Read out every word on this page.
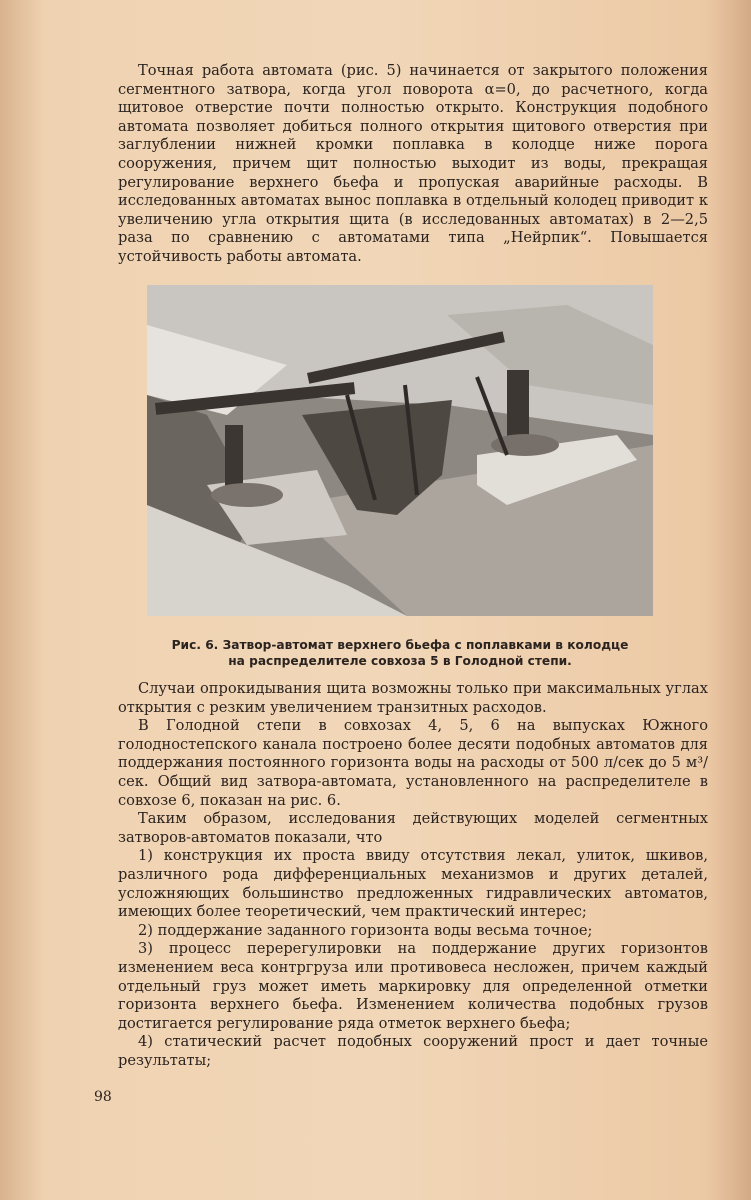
Точная работа автомата (рис. 5) начинается от закрытого положения сегментного затвора, когда угол поворота α=0, до расчетного, когда щитовое отверстие почти полностью открыто. Конструкция подобного автомата позволяет добиться полного открытия щитового отверстия при заглублении нижней кромки поплавка в колодце ниже порога сооружения, причем щит полностью выходит из воды, прекращая регулирование верхнего бьефа и пропуская аварийные расходы. В исследованных автоматах вынос поплавка в отдельный колодец приводит к увеличению угла открытия щита (в исследованных автоматах) в 2—2,5 раза по сравнению с автоматами типа „Нейрпик“. Повышается устойчивость работы автомата.

Рис. 6. Затвор-автомат верхнего бьефа с поплавками в колодце
на распределителе совхоза 5 в Голодной степи.

Случаи опрокидывания щита возможны только при максимальных углах открытия с резким увеличением транзитных расходов.

В Голодной степи в совхозах 4, 5, 6 на выпусках Южного голодностепского канала построено более десяти подобных автоматов для поддержания постоянного горизонта воды на расходы от 500 л/сек до 5 м³/сек. Общий вид затвора-автомата, установленного на распределителе в совхозе 6, показан на рис. 6.

Таким образом, исследования действующих моделей сегментных затворов-автоматов показали, что

1) конструкция их проста ввиду отсутствия лекал, улиток, шкивов, различного рода дифференциальных механизмов и других деталей, усложняющих большинство предложенных гидравлических автоматов, имеющих более теоретический, чем практический интерес;

2) поддержание заданного горизонта воды весьма точное;

3) процесс перерегулировки на поддержание других горизонтов изменением веса контргруза или противовеса несложен, причем каждый отдельный груз может иметь маркировку для определенной отметки горизонта верхнего бьефа. Изменением количества подобных грузов достигается регулирование ряда отметок верхнего бьефа;

4) статический расчет подобных сооружений прост и дает точные результаты;

98
